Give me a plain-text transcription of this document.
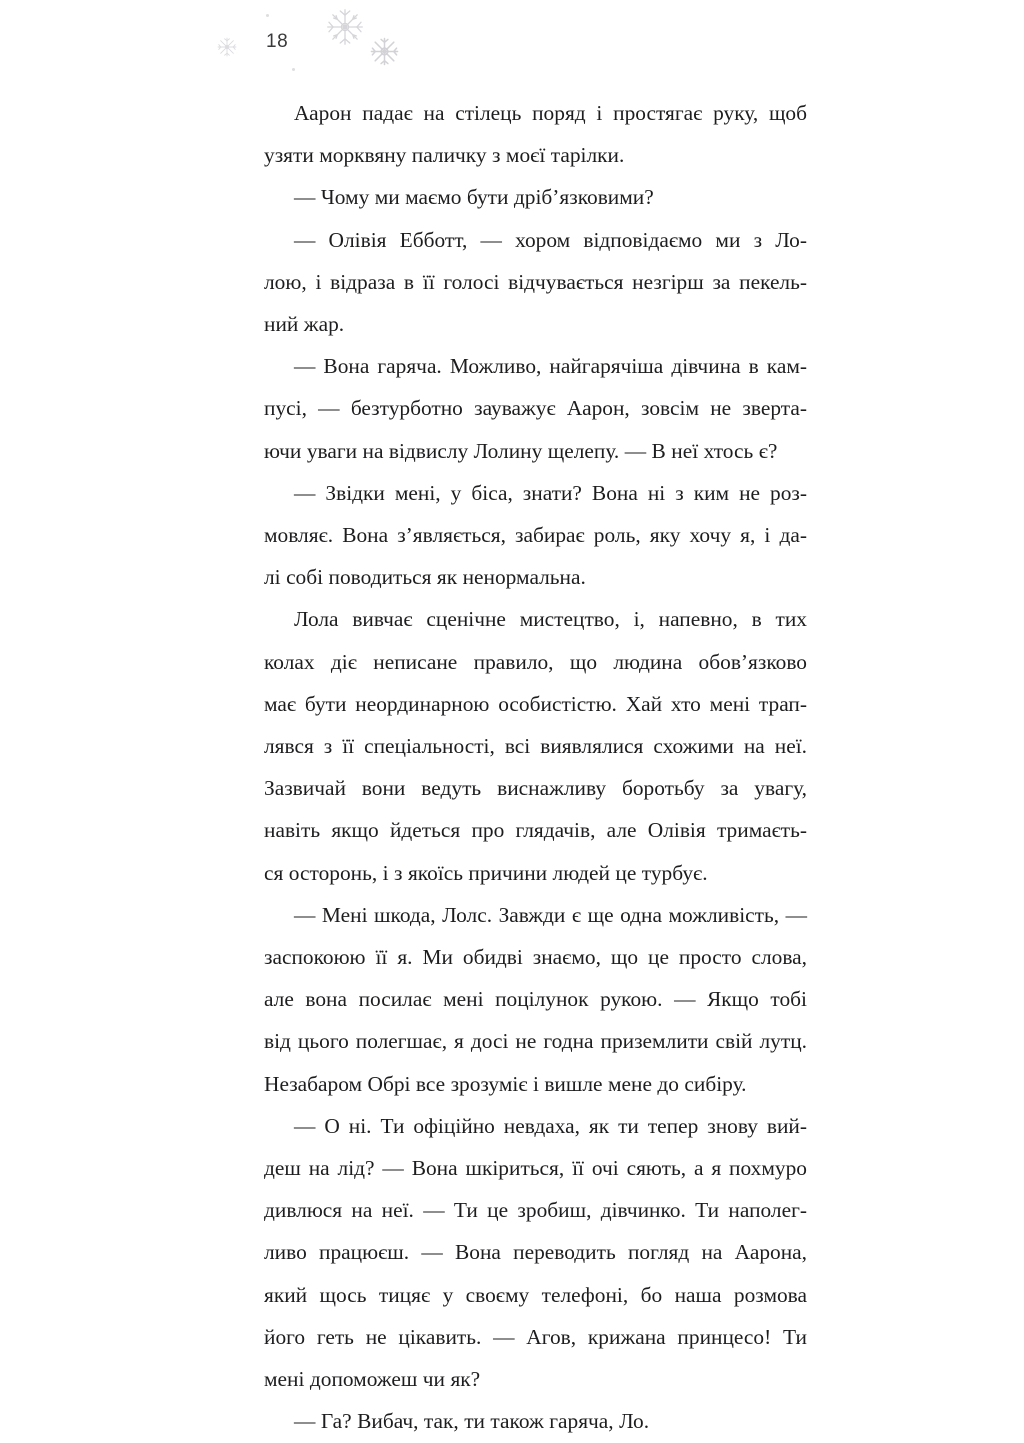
18

Аарон падає на стілець поряд і простягає руку, щоб
узяти морквяну паличку з моєї тарілки.

— Чому ми маємо бути дріб’язковими?

— Олівія Ебботт, — хором відповідаємо ми з Ло-
лою, і відраза в її голосі відчувається незгірш за пекель-
ний жар.

— Вона гаряча. Можливо, найгарячіша дівчина в кам-
пусі, — безтурботно зауважує Аарон, зовсім не зверта-
ючи уваги на відвислу Лолину щелепу. — В неї хтось є?

— Звідки мені, у біса, знати? Вона ні з ким не роз-
мовляє. Вона з’являється, забирає роль, яку хочу я, і да-
лі собі поводиться як ненормальна.

Лола вивчає сценічне мистецтво, і, напевно, в тих
колах діє неписане правило, що людина обов’язково
має бути неординарною особистістю. Хай хто мені трап-
лявся з її спеціальності, всі виявлялися схожими на неї.
Зазвичай вони ведуть виснажливу боротьбу за увагу,
навіть якщо йдеться про глядачів, але Олівія тримаєть-
ся осторонь, і з якоїсь причини людей це турбує.

— Мені шкода, Лолс. Завжди є ще одна можливість, —
заспокоюю її я. Ми обидві знаємо, що це просто слова,
але вона посилає мені поцілунок рукою. — Якщо тобі
від цього полегшає, я досі не годна приземлити свій лутц.
Незабаром Обрі все зрозуміє і вишле мене до сибіру.

— О ні. Ти офіційно невдаха, як ти тепер знову вий-
деш на лід? — Вона шкіриться, її очі сяють, а я похмуро
дивлюся на неї. — Ти це зробиш, дівчинко. Ти наполег-
ливо працюєш. — Вона переводить погляд на Аарона,
який щось тицяє у своєму телефоні, бо наша розмова
його геть не цікавить. — Агов, крижана принцесо! Ти
мені допоможеш чи як?

— Га? Вибач, так, ти також гаряча, Ло.
